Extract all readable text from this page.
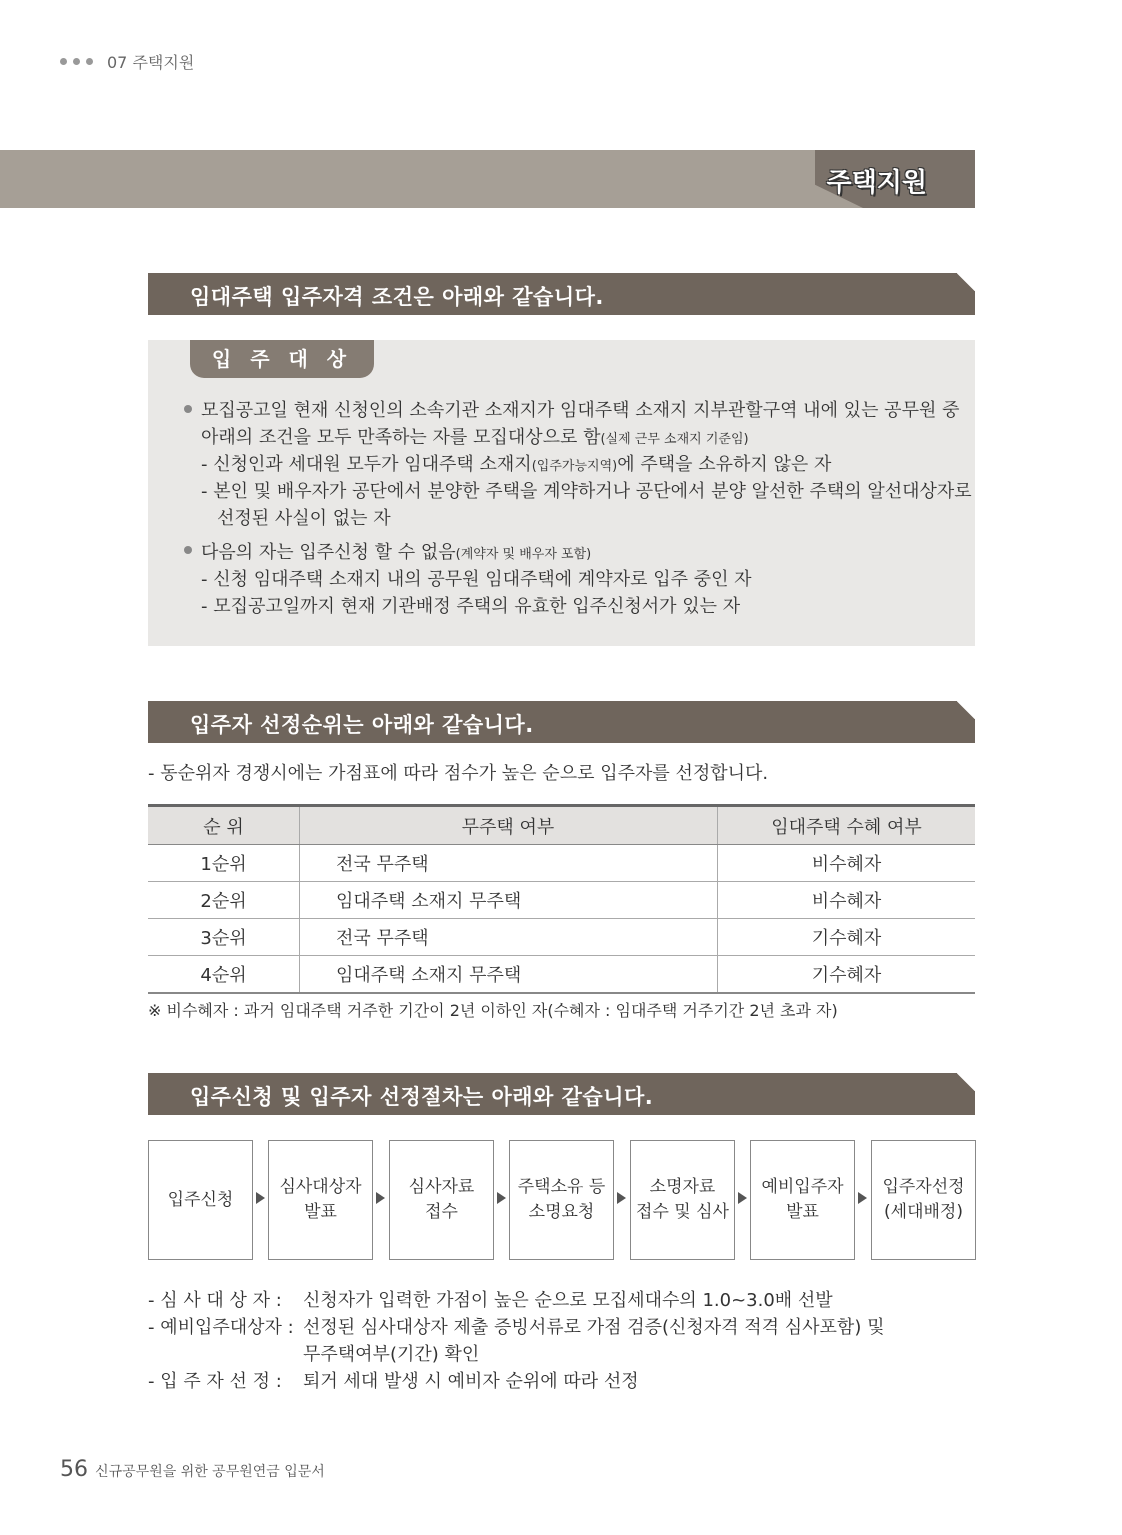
07 주택지원
주택지원
임대주택 입주자격 조건은 아래와 같습니다.
입 주 대 상
모집공고일 현재 신청인의 소속기관 소재지가 임대주택 소재지 지부관할구역 내에 있는 공무원 중
아래의 조건을 모두 만족하는 자를 모집대상으로 함(실제 근무 소재지 기준임)
- 신청인과 세대원 모두가 임대주택 소재지(입주가능지역)에 주택을 소유하지 않은 자
- 본인 및 배우자가 공단에서 분양한 주택을 계약하거나 공단에서 분양 알선한 주택의 알선대상자로
선정된 사실이 없는 자
다음의 자는 입주신청 할 수 없음(계약자 및 배우자 포함)
- 신청 임대주택 소재지 내의 공무원 임대주택에 계약자로 입주 중인 자
- 모집공고일까지 현재 기관배정 주택의 유효한 입주신청서가 있는 자
입주자 선정순위는 아래와 같습니다.
- 동순위자 경쟁시에는 가점표에 따라 점수가 높은 순으로 입주자를 선정합니다.
순 위	무주택 여부	임대주택 수혜 여부
1순위	전국 무주택	비수혜자
2순위	임대주택 소재지 무주택	비수혜자
3순위	전국 무주택	기수혜자
4순위	임대주택 소재지 무주택	기수혜자
※ 비수혜자 : 과거 임대주택 거주한 기간이 2년 이하인 자(수혜자 : 임대주택 거주기간 2년 초과 자)
입주신청 및 입주자 선정절차는 아래와 같습니다.
입주신청
심사대상자
발표
심사자료
접수
주택소유 등
소명요청
소명자료
접수 및 심사
예비입주자
발표
입주자선정
(세대배정)
- 심 사 대 상 자 : 신청자가 입력한 가점이 높은 순으로 모집세대수의 1.0~3.0배 선발
- 예비입주대상자 : 선정된 심사대상자 제출 증빙서류로 가점 검증(신청자격 적격 심사포함) 및
무주택여부(기간) 확인
- 입 주 자 선 정 : 퇴거 세대 발생 시 예비자 순위에 따라 선정
56 신규공무원을 위한 공무원연금 입문서
